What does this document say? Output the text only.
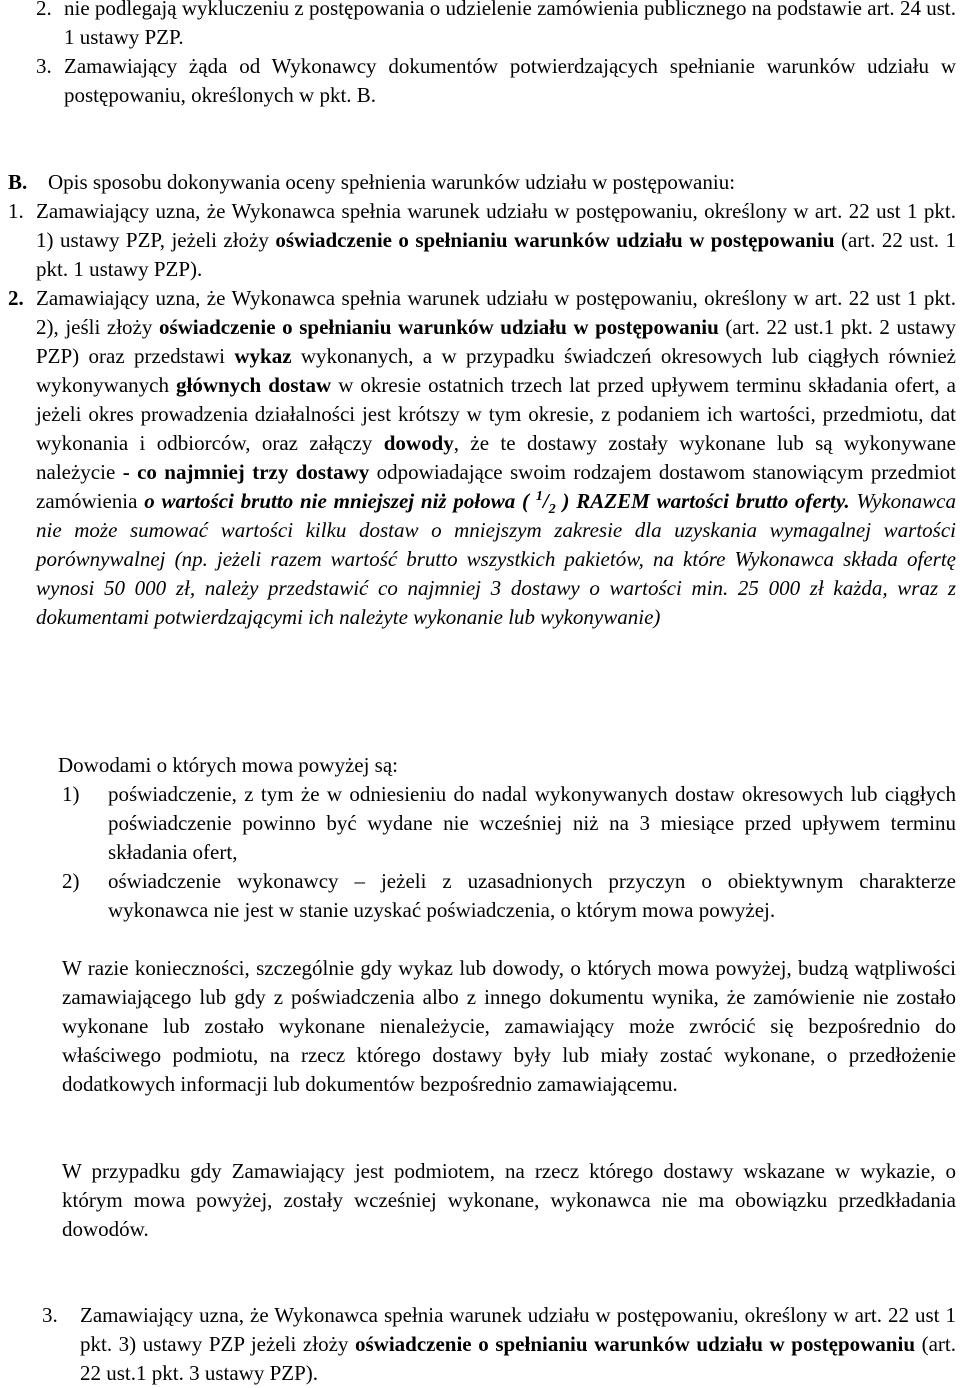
2. nie podlegają wykluczeniu z postępowania o udzielenie zamówienia publicznego na podstawie art. 24 ust. 1 ustawy PZP.

3. Zamawiający żąda od Wykonawcy dokumentów potwierdzających spełnianie warunków udziału w postępowaniu, określonych w pkt. B.

B. Opis sposobu dokonywania oceny spełnienia warunków udziału w postępowaniu:
1. Zamawiający uzna, że Wykonawca spełnia warunek udziału w postępowaniu, określony w art. 22 ust 1 pkt. 1) ustawy PZP, jeżeli złoży oświadczenie o spełnianiu warunków udziału w postępowaniu (art. 22 ust. 1 pkt. 1 ustawy PZP).

2. Zamawiający uzna, że Wykonawca spełnia warunek udziału w postępowaniu, określony w art. 22 ust 1 pkt. 2), jeśli złoży oświadczenie o spełnianiu warunków udziału w postępowaniu (art. 22 ust.1 pkt. 2 ustawy PZP) oraz przedstawi wykaz wykonanych, a w przypadku świadczeń okresowych lub ciągłych również wykonywanych głównych dostaw w okresie ostatnich trzech lat przed upływem terminu składania ofert, a jeżeli okres prowadzenia działalności jest krótszy w tym okresie, z podaniem ich wartości, przedmiotu, dat wykonania i odbiorców, oraz załączy dowody, że te dostawy zostały wykonane lub są wykonywane należycie - co najmniej trzy dostawy odpowiadające swoim rodzajem dostawom stanowiącym przedmiot zamówienia o wartości brutto nie mniejszej niż połowa ( $^1/_2$ ) RAZEM wartości brutto oferty. Wykonawca nie może sumować wartości kilku dostaw o mniejszym zakresie dla uzyskania wymagalnej wartości porównywalnej (np. jeżeli razem wartość brutto wszystkich pakietów, na które Wykonawca składa ofertę wynosi 50 000 zł, należy przedstawić co najmniej 3 dostawy o wartości min. 25 000 zł każda, wraz z dokumentami potwierdzającymi ich należyte wykonanie lub wykonywanie)

Dowodami o których mowa powyżej są:

1) poświadczenie, z tym że w odniesieniu do nadal wykonywanych dostaw okresowych lub ciągłych poświadczenie powinno być wydane nie wcześniej niż na 3 miesiące przed upływem terminu składania ofert,

2) oświadczenie wykonawcy – jeżeli z uzasadnionych przyczyn o obiektywnym charakterze wykonawca nie jest w stanie uzyskać poświadczenia, o którym mowa powyżej.

W razie konieczności, szczególnie gdy wykaz lub dowody, o których mowa powyżej, budzą wątpliwości zamawiającego lub gdy z poświadczenia albo z innego dokumentu wynika, że zamówienie nie zostało wykonane lub zostało wykonane nienależycie, zamawiający może zwrócić się bezpośrednio do właściwego podmiotu, na rzecz którego dostawy były lub miały zostać wykonane, o przedłożenie dodatkowych informacji lub dokumentów bezpośrednio zamawiającemu.

W przypadku gdy Zamawiający jest podmiotem, na rzecz którego dostawy wskazane w wykazie, o którym mowa powyżej, zostały wcześniej wykonane, wykonawca nie ma obowiązku przedkładania dowodów.

3. Zamawiający uzna, że Wykonawca spełnia warunek udziału w postępowaniu, określony w art. 22 ust 1 pkt. 3) ustawy PZP jeżeli złoży oświadczenie o spełnianiu warunków udziału w postępowaniu (art. 22 ust.1 pkt. 3 ustawy PZP).
